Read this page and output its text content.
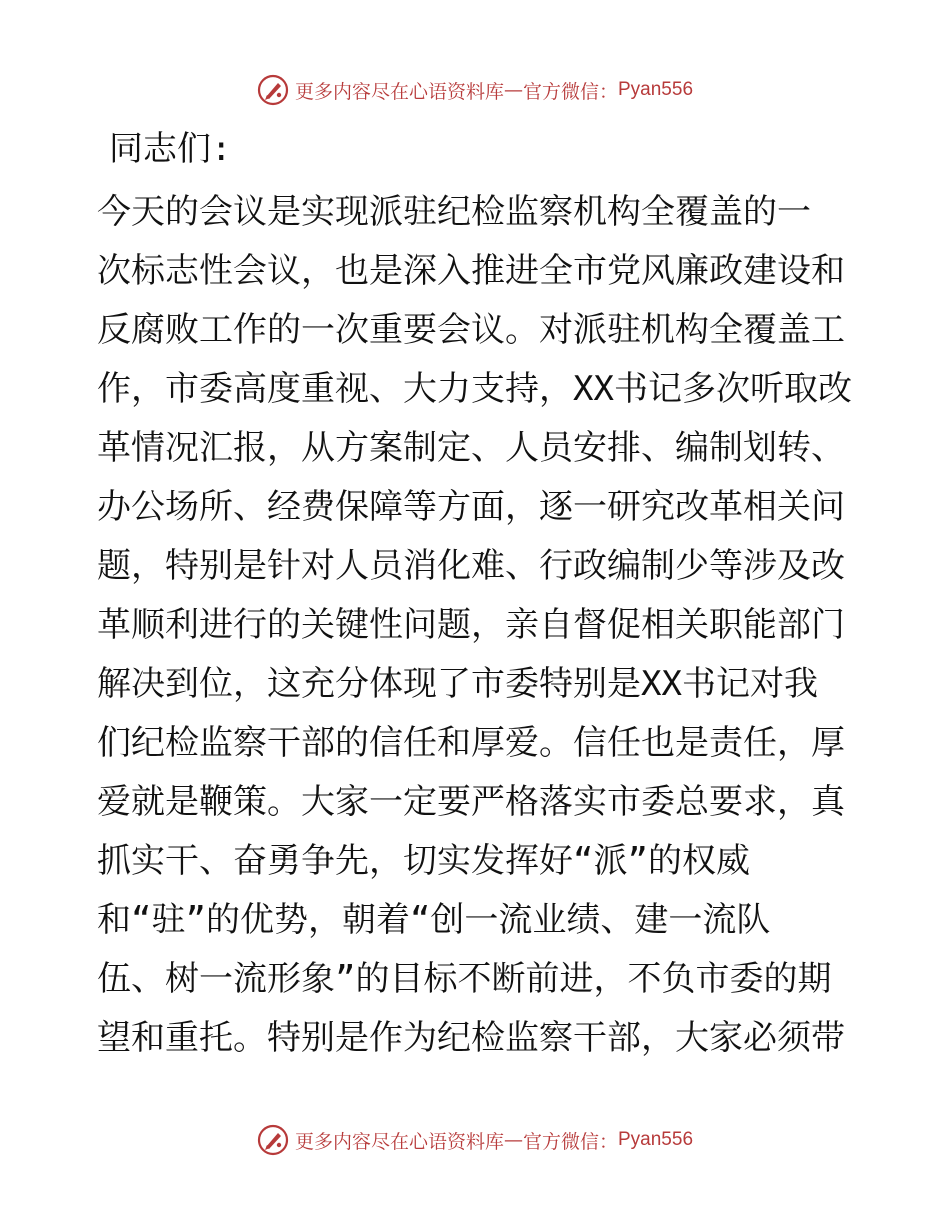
更多内容尽在心语资料库 — 官方微信： Pyan556
同志们:
今天的会议是实现派驻纪检监察机构全覆盖的一
次标志性会议，也是深入推进全市党风廉政建设和
反腐败工作的一次重要会议。对派驻机构全覆盖工
作，市委高度重视、大力支持，XX书记多次听取改
革情况汇报，从方案制定、人员安排、编制划转、
办公场所、经费保障等方面，逐一研究改革相关问
题，特别是针对人员消化难、行政编制少等涉及改
革顺利进行的关键性问题，亲自督促相关职能部门
解决到位，这充分体现了市委特别是XX书记对我
们纪检监察干部的信任和厚爱。信任也是责任，厚
爱就是鞭策。大家一定要严格落实市委总要求，真
抓实干、奋勇争先，切实发挥好“派”的权威
和“驻”的优势，朝着“创一流业绩、建一流队
伍、树一流形象”的目标不断前进，不负市委的期
望和重托。特别是作为纪检监察干部，大家必须带
更多内容尽在心语资料库 — 官方微信： Pyan556
